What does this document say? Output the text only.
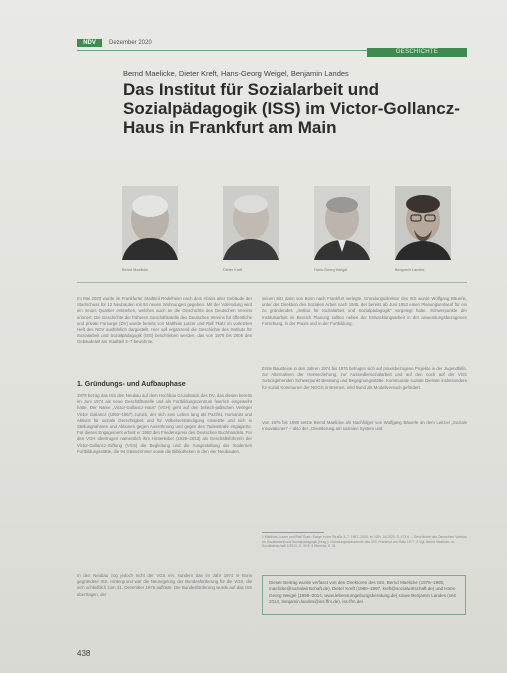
NDV	Dezember 2020
GESCHICHTE
Bernd Maelicke, Dieter Kreft, Hans-Georg Weigel, Benjamin Landes
Das Institut für Sozialarbeit und Sozialpädagogik (ISS) im Victor-Gollancz-Haus in Frankfurt am Main
Bernd Maelicke	Dieter Kreft	Hans-Georg Weigel	Benjamin Landes

Im Mai 2020 wurde im Frankfurter Stadtteil Rödelheim nach dem Abriss alter Gebäude der Startschuss für 12 Neubauten mit 84 neuen Wohnungen gegeben. Mit der Vollendung wird ein neues Quartier entstehen, welches auch an die Geschichte des Deutschen Vereins erinnert. Die Geschichte der früheren Geschäftsstelle des Deutschen Vereins für öffentliche und private Fürsorge (DV) wurde bereits von Matthias Lutzer und Ralf Tkatz im vorletzten Heft des NDV ausführlich dargestellt. Hier soll ergänzend die Geschichte des Instituts für Sozialarbeit und Sozialpädagogik (ISS) beschrieben werden, das von 1978 bis 2005 den Gebäudeteil am Stadtteil 3–7 bewohnte.

1. Gründungs- und Aufbauphase

1978 bezog das ISS den Neubau auf dem Hochbau Grundstück des DV, das diesen bereits im Juni 1974 als neue Geschäftsstelle und als Fortbildungszentrum feierlich eingeweiht hatte. Der Name „Victor-Gollancz-Haus“ (VGH) geht auf den britisch-jüdischen Verleger Victor Gollancz (1893–1967) zurück, der sich sein Leben lang als Pazifist, Humanist und Aktivist für soziale Gerechtigkeit und für Völkerverständigung einsetzte und sich in Stellungnahmen und Aktionen gegen Aussöhnung und gegen den Todesstrafe engagierte. Für dieses Engagement erhielt er 1960 den Friedenspreis des Deutschen Buchhandels. Für den VGH übertrugen namentlich ihre Hinterleiber (1928–2013) als Geschäftsführerin der Victor-Gollancz-Stiftung (VGS) die Begleitung und die Ausgestaltung der modernen Fortbildungsstätte, die 94 Gästezimmer sowie die Bibliotheken in den vier Neubauten.

In den Neubau zog jedoch nicht der VGS ein, sondern das im Jahr 1974 in Bonn gegründete ISS. Hintergrund war die Neuregelung der Bundesförderung für die VGS, die sich schließlich zum 31. Dezember 1975 auflöste. Die Bundesförderung wurde auf das ISS übertragen, der

seinen Sitz dann von Bonn nach Frankfurt verlegte. Gründungsdirektor des ISS wurde Wolfgang Bäuerle, unter der Direktion des Sozialen Arbeit nach 1945, der bereits ab Juni 1953 einen Planungsentwurf für ein zu gründendes „Institut für Sozialarbeit und Sozialpädagogik“ vorgelegt hatte. Schwerpunkte der Institutsarbeit im Bereich Planung sollten neben der Entwicklungsarbeit in der anwendungsbezogenen Forschung, in der Praxis und in der Fortbildung.

Erste Bausteine in den Jahren 1974 bis 1976 betrugen sich auf praxisbezogene Projekte in der Jugendhilfe, zur Alternativen der Heimerziehung, zur Aussiedlersozialarbeit und auf den noch auf der VGS zurückgehenden Schwerpunkt Beratung und Begegnungsstätte. Kommunale soziale Dienste insbesondere für sozial Kommunen der NOGS in Bremen, wird Bund als Modellversuch gefördert.

Von 1976 bis 1980 setzte Bernd Maelicke als Nachfolger von Wolfgang Bäuerle an dem Leitziel „Soziale Innovationen“ – also der „Orientierung am sozialen System und

1 Matthias Lutzer und Ralf Tkatz: Ewige in der Straße 3–7, 1947–2020, in: NDV 10/2020, S. 473 ff. – Geschichte des Deutschen Vereins für Sozialarbeit und Sozialpädagogik (Hrsg.): Gründungsdokumente des ISS, Frankfurt am Main 1977. 2 Vgl. Bernd Maelicke, in: Sozialwirtschaft 1/2010, S. 30 ff. 3 Ebenda, S. 31.

Dieser Beitrag wurde verfasst von den Direktoren des ISS, Bernd Maelicke (1976–1980, maelicke@sozialwirtschaft.de), Dieter Kreft (1980–1997, kreft@sozialwirtschaft.de) und Hans-Georg Weigel (1998–2014, www.lebensumgebungsberatung.de) sowie Benjamin Landes (seit 2014, benjamin.landes@iss-ffm.de), iss-ffm.de/.
438
